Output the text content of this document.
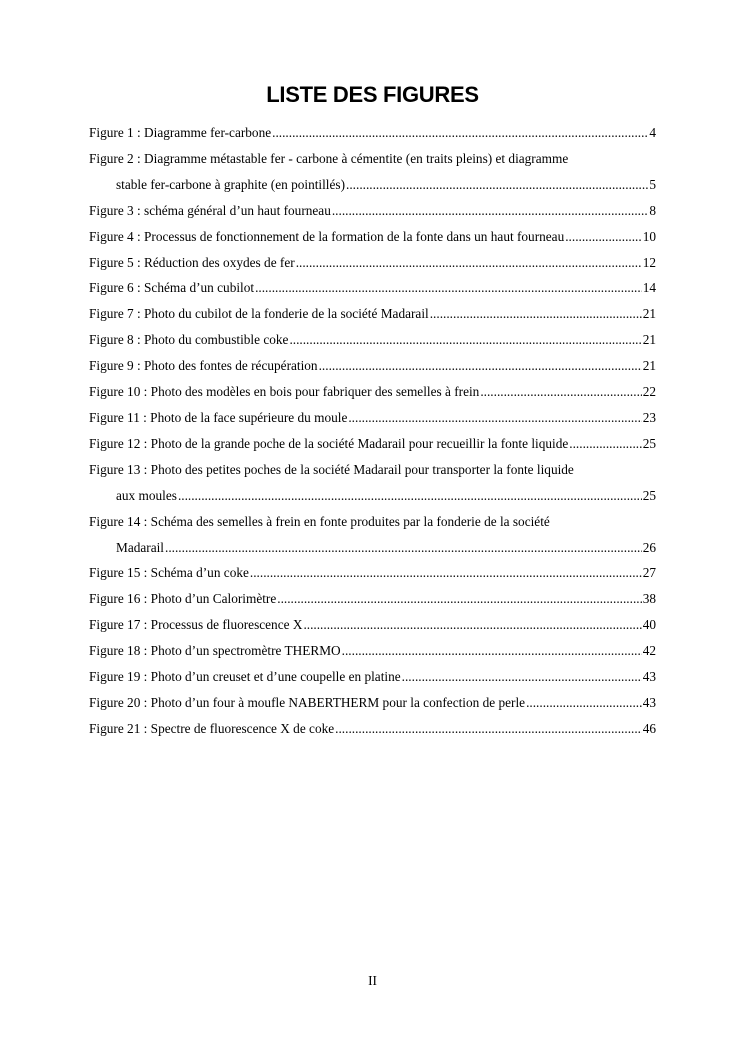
LISTE DES FIGURES
Figure 1 : Diagramme fer-carbone .....	4
Figure 2 : Diagramme métastable fer - carbone à cémentite (en traits pleins) et diagramme
stable fer-carbone à graphite (en pointillés) .....	5
Figure 3 : schéma général d’un haut fourneau .....	8
Figure 4 : Processus de fonctionnement de la formation de la fonte dans un haut fourneau .....	10
Figure 5 : Réduction des oxydes de fer .....	12
Figure 6 : Schéma d’un cubilot .....	14
Figure 7 : Photo du cubilot de la fonderie de la société Madarail .....	21
Figure 8 : Photo du combustible coke .....	21
Figure 9 : Photo des fontes de récupération .....	21
Figure 10 : Photo des modèles en bois pour fabriquer des semelles à frein .....	22
Figure 11 : Photo de la face supérieure du moule .....	23
Figure 12 : Photo de la grande poche de la société Madarail pour recueillir la fonte liquide .....	25
Figure 13 : Photo des petites poches de la société Madarail pour transporter la fonte liquide
aux moules .....	25
Figure 14 : Schéma des semelles à frein en fonte produites par la fonderie de la société
Madarail .....	26
Figure 15 : Schéma d’un coke .....	27
Figure 16 : Photo d’un Calorimètre .....	38
Figure 17 : Processus de fluorescence X .....	40
Figure 18 : Photo d’un spectromètre THERMO .....	42
Figure 19 : Photo d’un creuset et d’une coupelle en platine .....	43
Figure 20 : Photo d’un four à moufle NABERTHERM pour la confection de perle .....	43
Figure 21 : Spectre de fluorescence X de coke .....	46
II
